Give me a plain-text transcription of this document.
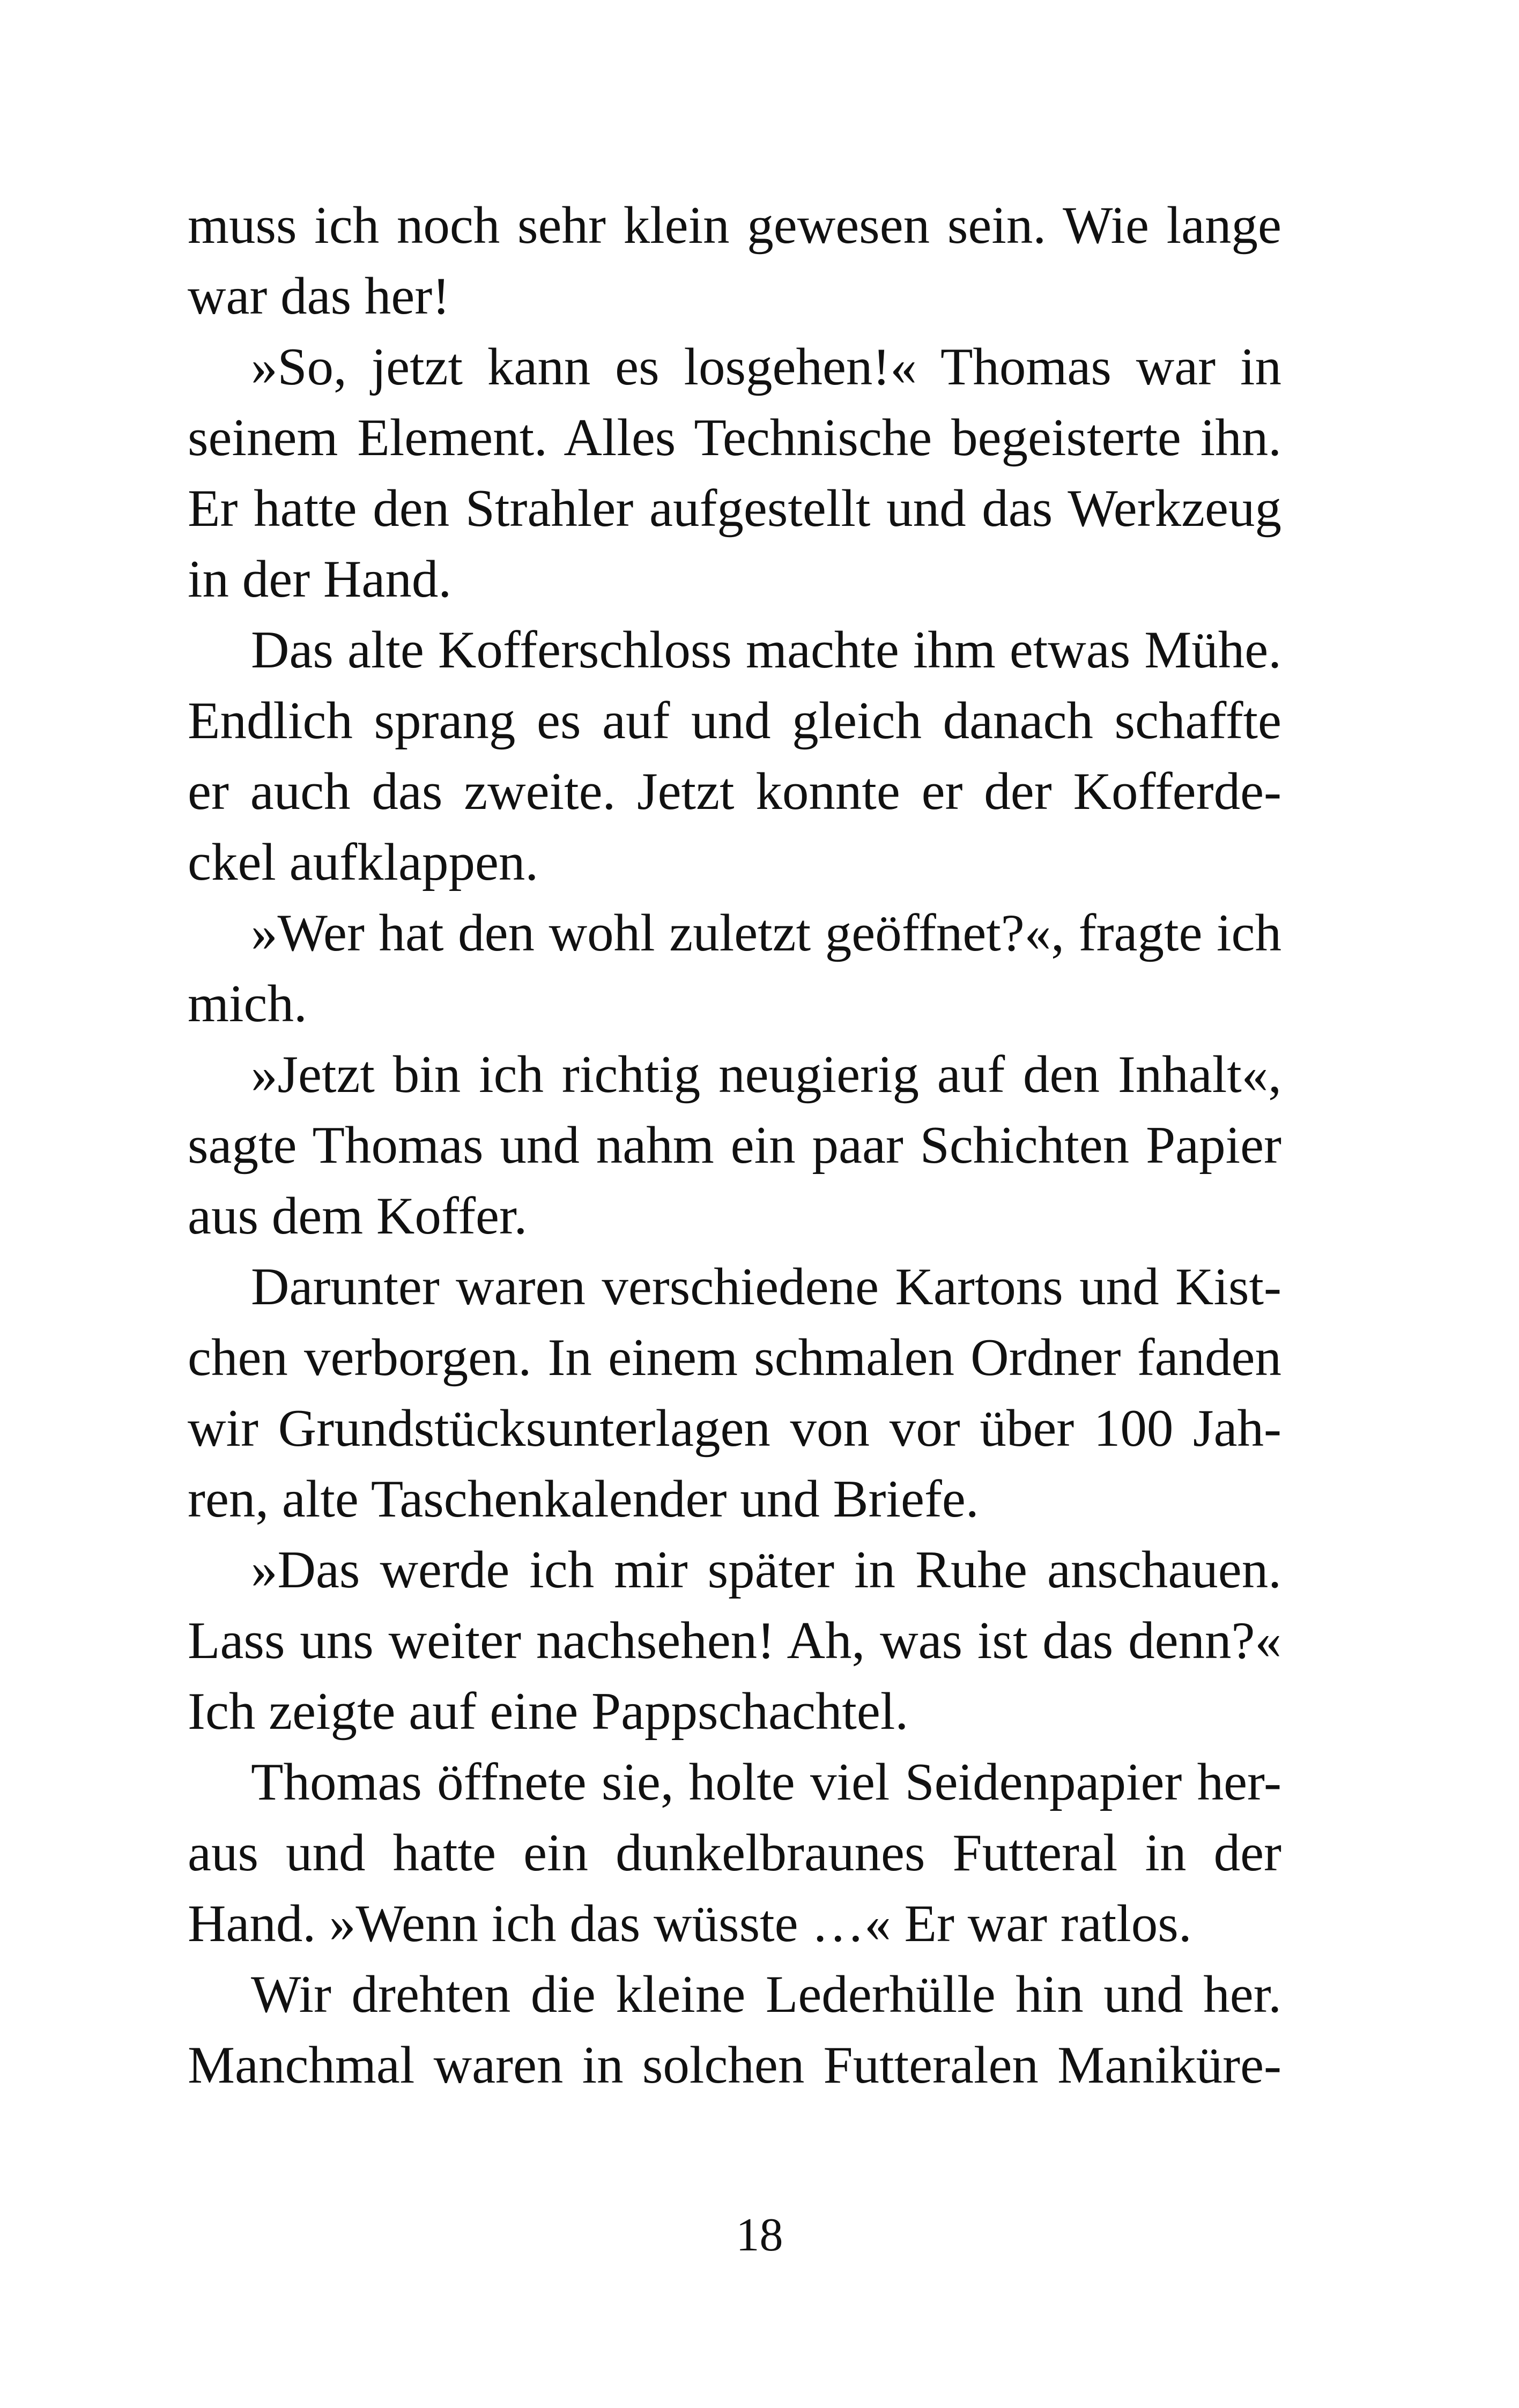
muss ich noch sehr klein gewesen sein. Wie lange
war das her!
»So, jetzt kann es losgehen!« Thomas war in
seinem Element. Alles Technische begeisterte ihn.
Er hatte den Strahler aufgestellt und das Werkzeug
in der Hand.
Das alte Kofferschloss machte ihm etwas Mühe.
Endlich sprang es auf und gleich danach schaffte
er auch das zweite. Jetzt konnte er der Kofferde-
ckel aufklappen.
»Wer hat den wohl zuletzt geöffnet?«, fragte ich
mich.
»Jetzt bin ich richtig neugierig auf den Inhalt«,
sagte Thomas und nahm ein paar Schichten Papier
aus dem Koffer.
Darunter waren verschiedene Kartons und Kist-
chen verborgen. In einem schmalen Ordner fanden
wir Grundstücksunterlagen von vor über 100 Jah-
ren, alte Taschenkalender und Briefe.
»Das werde ich mir später in Ruhe anschauen.
Lass uns weiter nachsehen! Ah, was ist das denn?«
Ich zeigte auf eine Pappschachtel.
Thomas öffnete sie, holte viel Seidenpapier her-
aus und hatte ein dunkelbraunes Futteral in der
Hand. »Wenn ich das wüsste …« Er war ratlos.
Wir drehten die kleine Lederhülle hin und her.
Manchmal waren in solchen Futteralen Maniküre-
18
